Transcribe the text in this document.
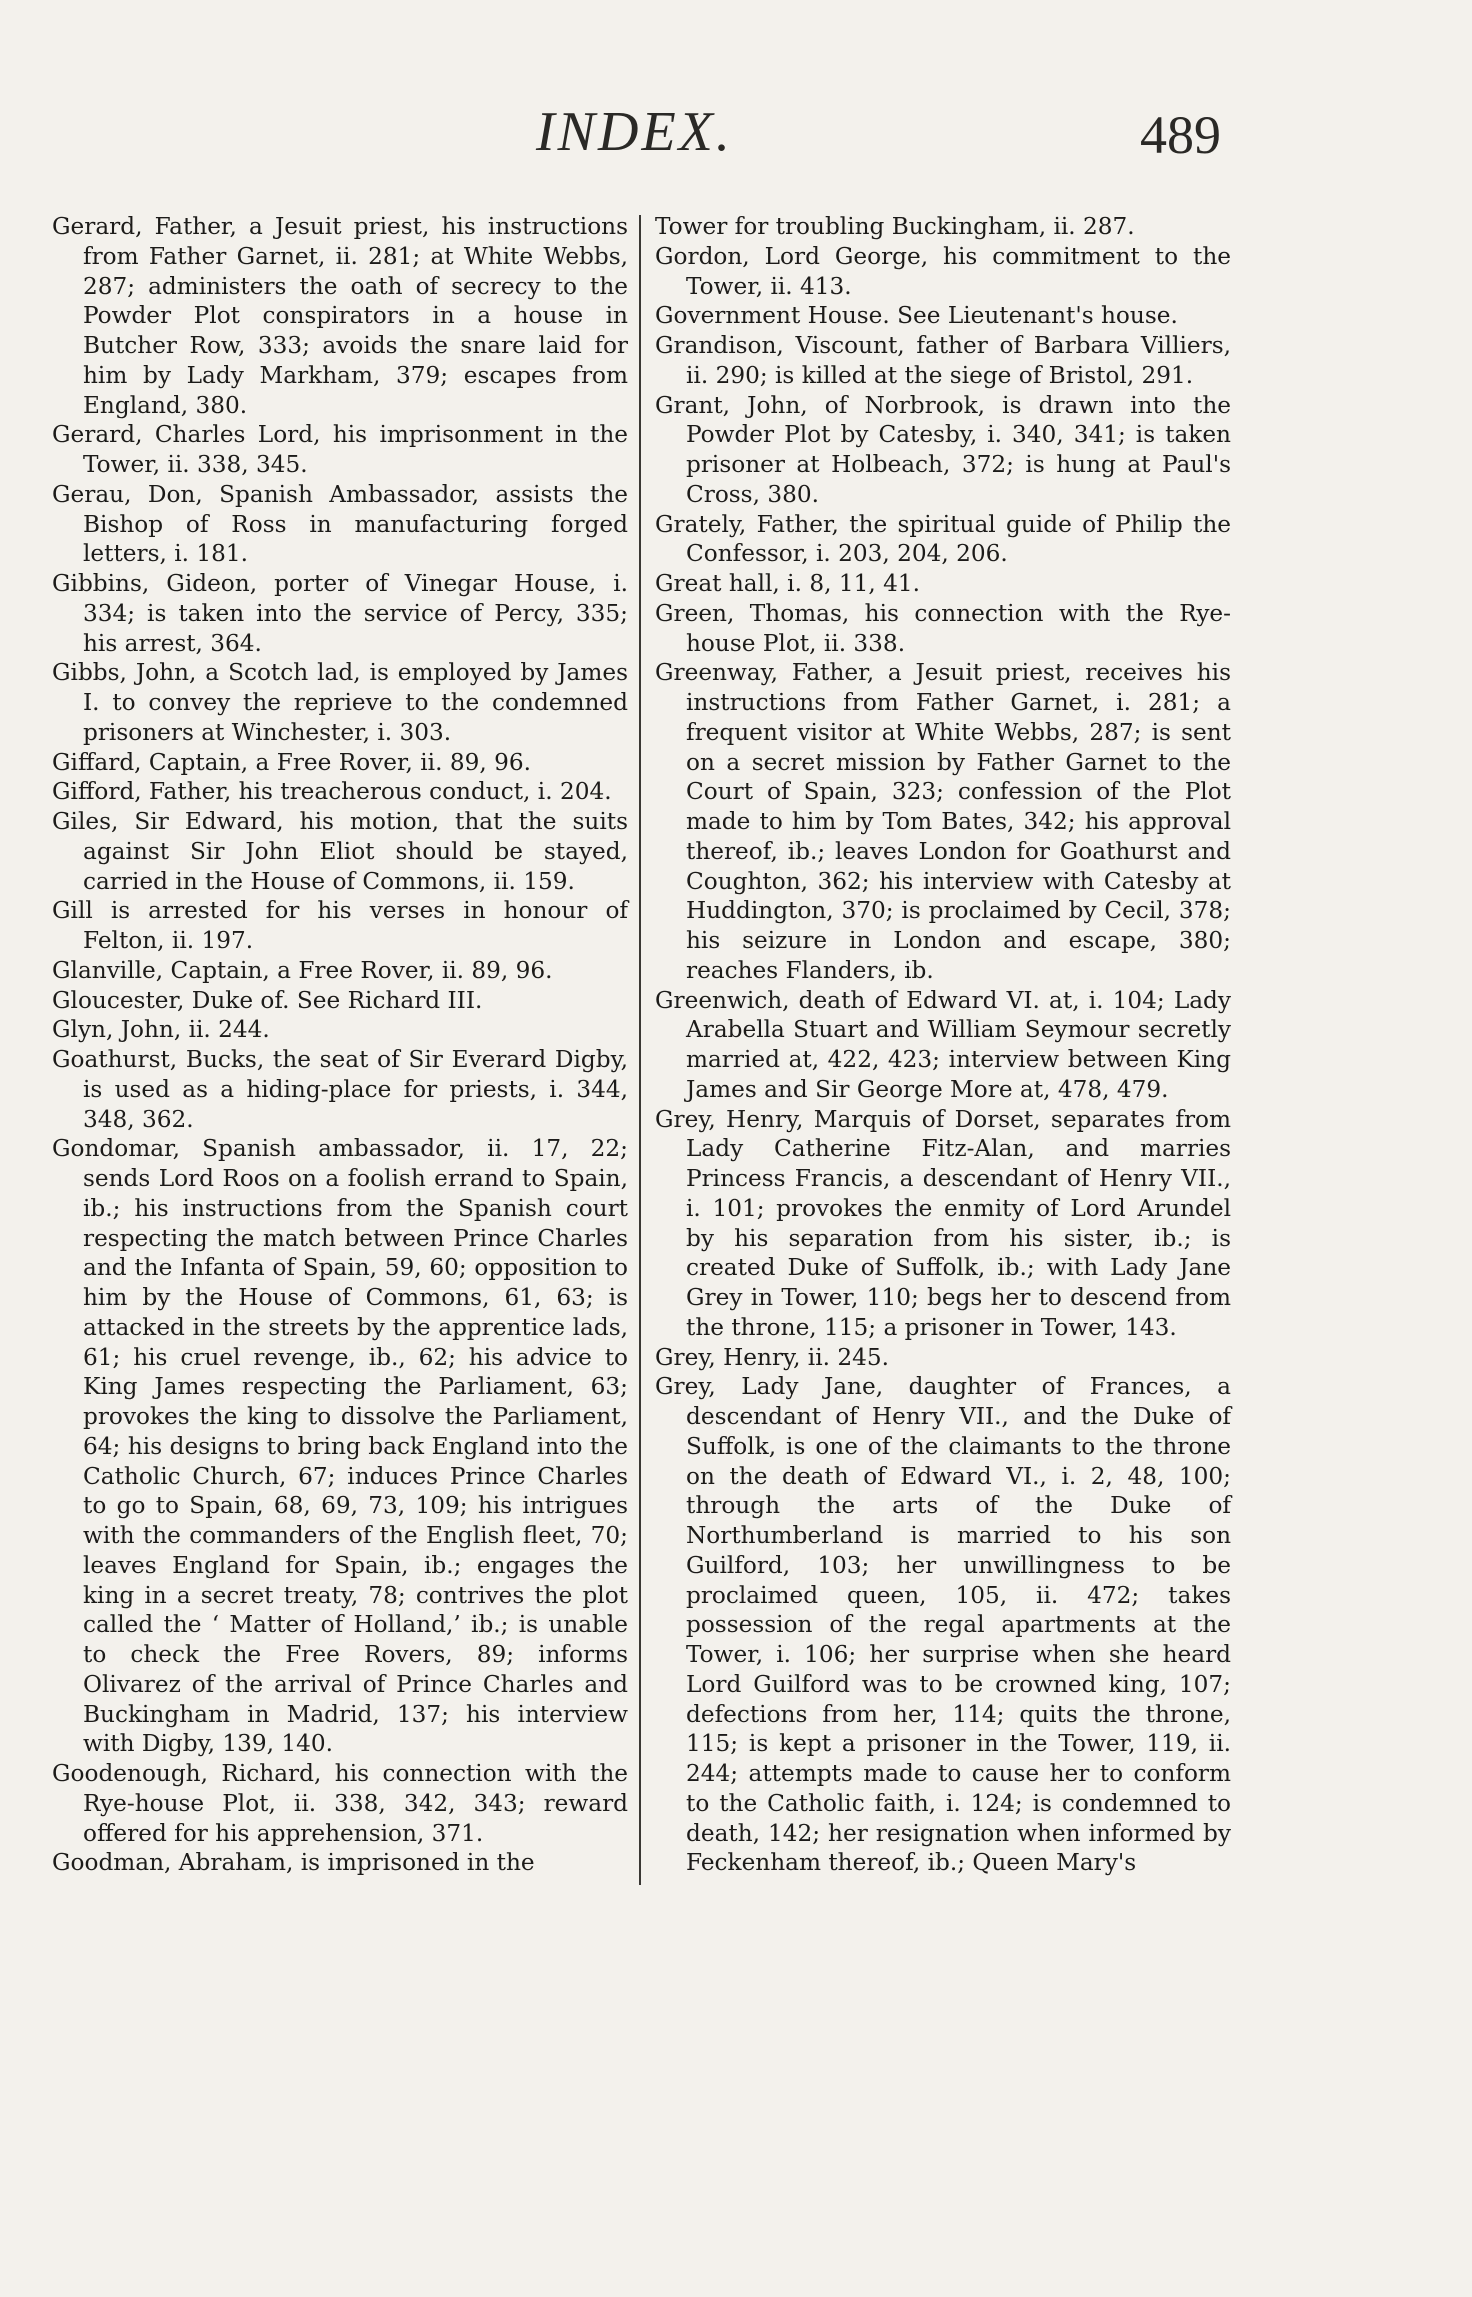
INDEX.	489

Gerard, Father, a Jesuit priest, his instructions from Father Garnet, ii. 281; at White Webbs, 287; administers the oath of secrecy to the Powder Plot conspirators in a house in Butcher Row, 333; avoids the snare laid for him by Lady Markham, 379; escapes from England, 380.

Gerard, Charles Lord, his imprisonment in the Tower, ii. 338, 345.

Gerau, Don, Spanish Ambassador, assists the Bishop of Ross in manufacturing forged letters, i. 181.

Gibbins, Gideon, porter of Vinegar House, i. 334; is taken into the service of Percy, 335; his arrest, 364.

Gibbs, John, a Scotch lad, is employed by James I. to convey the reprieve to the condemned prisoners at Winchester, i. 303.

Giffard, Captain, a Free Rover, ii. 89, 96.

Gifford, Father, his treacherous conduct, i. 204.

Giles, Sir Edward, his motion, that the suits against Sir John Eliot should be stayed, carried in the House of Commons, ii. 159.

Gill is arrested for his verses in honour of Felton, ii. 197.

Glanville, Captain, a Free Rover, ii. 89, 96.

Gloucester, Duke of. See Richard III.

Glyn, John, ii. 244.

Goathurst, Bucks, the seat of Sir Everard Digby, is used as a hiding-place for priests, i. 344, 348, 362.

Gondomar, Spanish ambassador, ii. 17, 22; sends Lord Roos on a foolish errand to Spain, ib.; his instructions from the Spanish court respecting the match between Prince Charles and the Infanta of Spain, 59, 60; opposition to him by the House of Commons, 61, 63; is attacked in the streets by the apprentice lads, 61; his cruel revenge, ib., 62; his advice to King James respecting the Parliament, 63; provokes the king to dissolve the Parliament, 64; his designs to bring back England into the Catholic Church, 67; induces Prince Charles to go to Spain, 68, 69, 73, 109; his intrigues with the commanders of the English fleet, 70; leaves England for Spain, ib.; engages the king in a secret treaty, 78; contrives the plot called the ‘ Matter of Holland,’ ib.; is unable to check the Free Rovers, 89; informs Olivarez of the arrival of Prince Charles and Buckingham in Madrid, 137; his interview with Digby, 139, 140.

Goodenough, Richard, his connection with the Rye-house Plot, ii. 338, 342, 343; reward offered for his apprehension, 371.

Goodman, Abraham, is imprisoned in the

Tower for troubling Buckingham, ii. 287.

Gordon, Lord George, his commitment to the Tower, ii. 413.

Government House. See Lieutenant's house.

Grandison, Viscount, father of Barbara Villiers, ii. 290; is killed at the siege of Bristol, 291.

Grant, John, of Norbrook, is drawn into the Powder Plot by Catesby, i. 340, 341; is taken prisoner at Holbeach, 372; is hung at Paul's Cross, 380.

Grately, Father, the spiritual guide of Philip the Confessor, i. 203, 204, 206.

Great hall, i. 8, 11, 41.

Green, Thomas, his connection with the Rye-house Plot, ii. 338.

Greenway, Father, a Jesuit priest, receives his instructions from Father Garnet, i. 281; a frequent visitor at White Webbs, 287; is sent on a secret mission by Father Garnet to the Court of Spain, 323; confession of the Plot made to him by Tom Bates, 342; his approval thereof, ib.; leaves London for Goathurst and Coughton, 362; his interview with Catesby at Huddington, 370; is proclaimed by Cecil, 378; his seizure in London and escape, 380; reaches Flanders, ib.

Greenwich, death of Edward VI. at, i. 104; Lady Arabella Stuart and William Seymour secretly married at, 422, 423; interview between King James and Sir George More at, 478, 479.

Grey, Henry, Marquis of Dorset, separates from Lady Catherine Fitz-Alan, and marries Princess Francis, a descendant of Henry VII., i. 101; provokes the enmity of Lord Arundel by his separation from his sister, ib.; is created Duke of Suffolk, ib.; with Lady Jane Grey in Tower, 110; begs her to descend from the throne, 115; a prisoner in Tower, 143.

Grey, Henry, ii. 245.

Grey, Lady Jane, daughter of Frances, a descendant of Henry VII., and the Duke of Suffolk, is one of the claimants to the throne on the death of Edward VI., i. 2, 48, 100; through the arts of the Duke of Northumberland is married to his son Guilford, 103; her unwillingness to be proclaimed queen, 105, ii. 472; takes possession of the regal apartments at the Tower, i. 106; her surprise when she heard Lord Guilford was to be crowned king, 107; defections from her, 114; quits the throne, 115; is kept a prisoner in the Tower, 119, ii. 244; attempts made to cause her to conform to the Catholic faith, i. 124; is condemned to death, 142; her resignation when informed by Feckenham thereof, ib.; Queen Mary's
